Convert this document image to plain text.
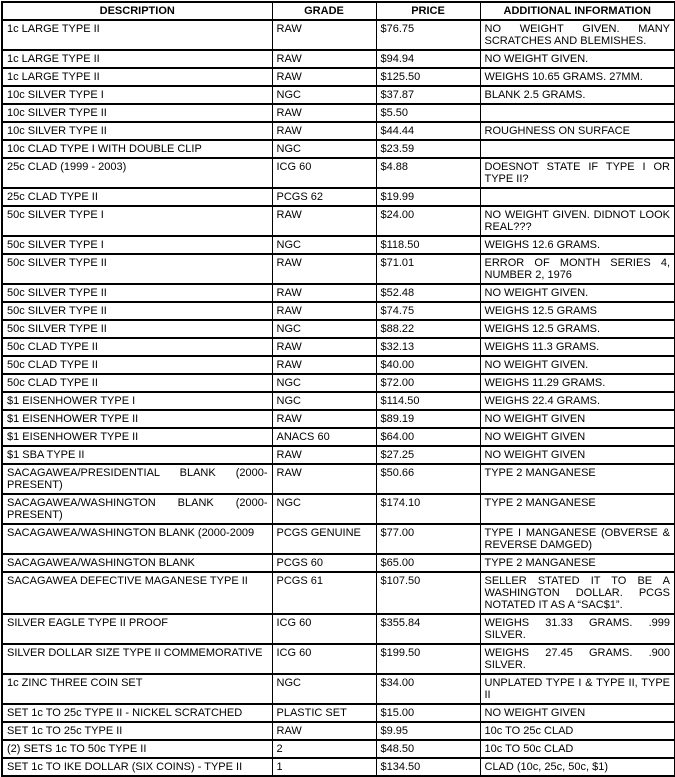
DESCRIPTION	GRADE	PRICE	ADDITIONAL INFORMATION
1c LARGE TYPE II	RAW	$76.75	NO WEIGHT GIVEN. MANY SCRATCHES AND BLEMISHES.
1c LARGE TYPE II	RAW	$94.94	NO WEIGHT GIVEN.
1c LARGE TYPE II	RAW	$125.50	WEIGHS 10.65 GRAMS. 27MM.
10c SILVER TYPE I	NGC	$37.87	BLANK 2.5 GRAMS.
10c SILVER TYPE II	RAW	$5.50	
10c SILVER TYPE II	RAW	$44.44	ROUGHNESS ON SURFACE
10c CLAD TYPE I WITH DOUBLE CLIP	NGC	$23.59	
25c CLAD (1999 - 2003)	ICG 60	$4.88	DOESNOT STATE IF TYPE I OR TYPE II?
25c CLAD TYPE II	PCGS 62	$19.99	
50c SILVER TYPE I	RAW	$24.00	NO WEIGHT GIVEN. DIDNOT LOOK REAL???
50c SILVER TYPE I	NGC	$118.50	WEIGHS 12.6 GRAMS.
50c SILVER TYPE II	RAW	$71.01	ERROR OF MONTH SERIES 4, NUMBER 2, 1976
50c SILVER TYPE II	RAW	$52.48	NO WEIGHT GIVEN.
50c SILVER TYPE II	RAW	$74.75	WEIGHS 12.5 GRAMS
50c SILVER TYPE II	NGC	$88.22	WEIGHS 12.5 GRAMS.
50c CLAD TYPE II	RAW	$32.13	WEIGHS 11.3 GRAMS.
50c CLAD TYPE II	RAW	$40.00	NO WEIGHT GIVEN.
50c CLAD TYPE II	NGC	$72.00	WEIGHS 11.29 GRAMS.
$1 EISENHOWER TYPE I	NGC	$114.50	WEIGHS 22.4 GRAMS.
$1 EISENHOWER TYPE II	RAW	$89.19	NO WEIGHT GIVEN
$1 EISENHOWER TYPE II	ANACS 60	$64.00	NO WEIGHT GIVEN
$1 SBA TYPE II	RAW	$27.25	NO WEIGHT GIVEN
SACAGAWEA/PRESIDENTIAL BLANK (2000-PRESENT)	RAW	$50.66	TYPE 2 MANGANESE
SACAGAWEA/WASHINGTON BLANK (2000-PRESENT)	NGC	$174.10	TYPE 2 MANGANESE
SACAGAWEA/WASHINGTON BLANK (2000-2009	PCGS GENUINE	$77.00	TYPE I MANGANESE (OBVERSE & REVERSE DAMGED)
SACAGAWEA/WASHINGTON BLANK	PCGS 60	$65.00	TYPE 2 MANGANESE
SACAGAWEA DEFECTIVE MAGANESE TYPE II	PCGS 61	$107.50	SELLER STATED IT TO BE A WASHINGTON DOLLAR. PCGS NOTATED IT AS A “SAC$1”.
SILVER EAGLE TYPE II PROOF	ICG 60	$355.84	WEIGHS 31.33 GRAMS. .999 SILVER.
SILVER DOLLAR SIZE TYPE II COMMEMORATIVE	ICG 60	$199.50	WEIGHS 27.45 GRAMS. .900 SILVER.
1c ZINC THREE COIN SET	NGC	$34.00	UNPLATED TYPE I & TYPE II, TYPE II
SET 1c TO 25c TYPE II - NICKEL SCRATCHED	PLASTIC SET	$15.00	NO WEIGHT GIVEN
SET 1c TO 25c TYPE II	RAW	$9.95	10c TO 25c CLAD
(2) SETS 1c TO 50c TYPE II	2	$48.50	10c TO 50c CLAD
SET 1c TO IKE DOLLAR (SIX COINS) - TYPE II	1	$134.50	CLAD (10c, 25c, 50c, $1)
